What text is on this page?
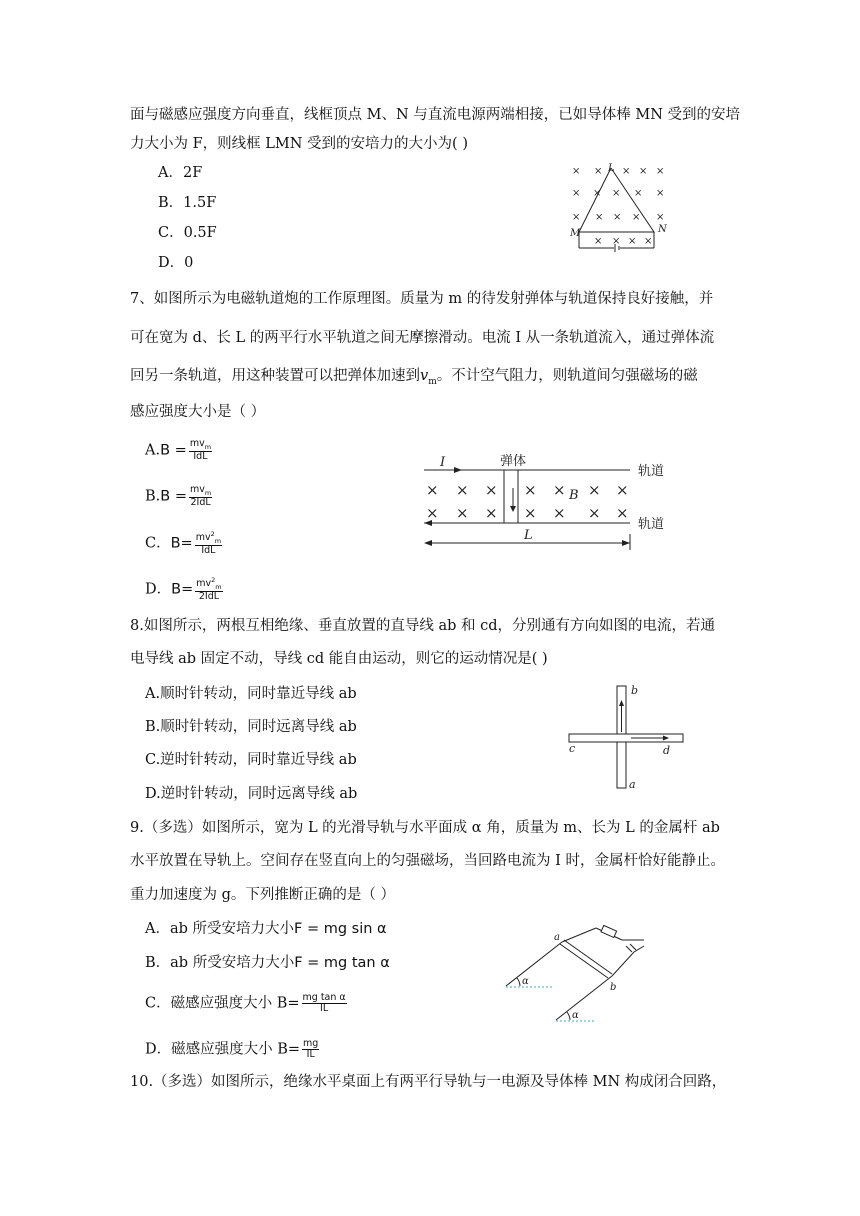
面与磁感应强度方向垂直，线框顶点 M、N 与直流电源两端相接，已如导体棒 MN 受到的安培
力大小为 F，则线框 LMN 受到的安培力的大小为( )
A．2F
B．1.5F
C．0.5F
D．0
× × × × ×
× × × × ×
× × × × ×
× × × ×
L
M	N
7、如图所示为电磁轨道炮的工作原理图。质量为 m 的待发射弹体与轨道保持良好接触，并
可在宽为 d、长 L 的两平行水平轨道之间无摩擦滑动。电流 I 从一条轨道流入，通过弹体流
回另一条轨道，用这种装置可以把弹体加速到$v_m$。不计空气阻力，则轨道间匀强磁场的磁
感应强度大小是（ ）
$A.B = mv_m$
IdL
$B.B = mv_m$
2IdL
C．$B= mv^2_m$
IdL
D．$B= mv^2_m$
2IdL
× × × × × × ×
× × × × × × ×
I	弹体
B
轨道
轨道
L
8.如图所示，两根互相绝缘、垂直放置的直导线 ab 和 cd，分别通有方向如图的电流，若通
电导线 ab 固定不动，导线 cd 能自由运动，则它的运动情况是( )
A.顺时针转动，同时靠近导线 ab
B.顺时针转动，同时远离导线 ab
C.逆时针转动，同时靠近导线 ab
D.逆时针转动，同时远离导线 ab
b
a
c	d
9.（多选）如图所示，宽为 L 的光滑导轨与水平面成 α 角，质量为 m、长为 L 的金属杆 ab
水平放置在导轨上。空间存在竖直向上的匀强磁场，当回路电流为 I 时，金属杆恰好能静止。
重力加速度为 g。下列推断正确的是（ ）
A．ab 所受安培力大小F = mg sin α
B．ab 所受安培力大小F = mg tan α
C．磁感应强度大小 $B= \frac{\text{mg tan α}}{IL}$
D．磁感应强度大小 $B= \frac{mg}{IL}$
a
b
α
α
10.（多选）如图所示，绝缘水平桌面上有两平行导轨与一电源及导体棒 MN 构成闭合回路，
